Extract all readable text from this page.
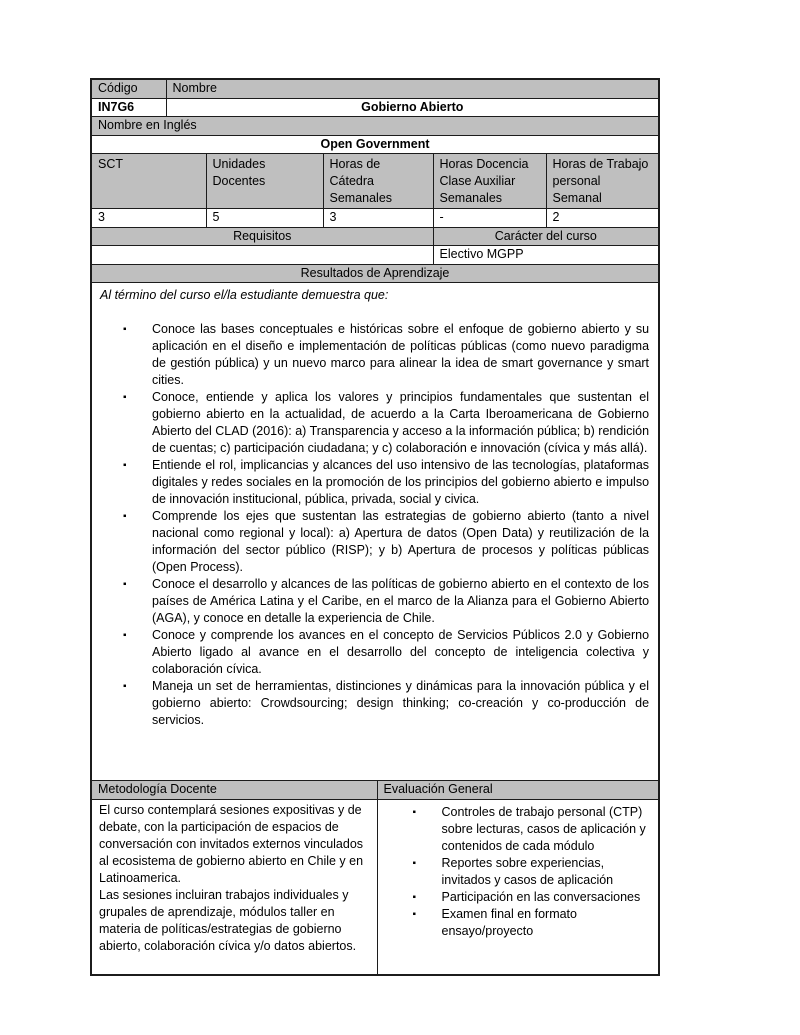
Código	Nombre					
IN7G6	Gobierno Abierto					
Nombre en Inglés						
Open Government						
SCT		Unidades Docentes	Horas de Cátedra Semanales		Horas Docencia Clase Auxiliar Semanales	Horas de Trabajo personal Semanal
3		5	3		-	2
Requisitos					Carácter del curso	
					Electivo MGPP	
Resultados de Aprendizaje						

Al término del curso el/la estudiante demuestra que:

▪ Conoce las bases conceptuales e históricas sobre el enfoque de gobierno abierto y su aplicación en el diseño e implementación de políticas públicas (como nuevo paradigma de gestión pública) y un nuevo marco para alinear la idea de smart governance y smart cities.
▪ Conoce, entiende y aplica los valores y principios fundamentales que sustentan el gobierno abierto en la actualidad, de acuerdo a la Carta Iberoamericana de Gobierno Abierto del CLAD (2016): a) Transparencia y acceso a la información pública; b) rendición de cuentas; c) participación ciudadana; y c) colaboración e innovación (cívica y más allá).
▪ Entiende el rol, implicancias y alcances del uso intensivo de las tecnologías, plataformas digitales y redes sociales en la promoción de los principios del gobierno abierto e impulso de innovación institucional, pública, privada, social y civica.
▪ Comprende los ejes que sustentan las estrategias de gobierno abierto (tanto a nivel nacional como regional y local): a) Apertura de datos (Open Data) y reutilización de la información del sector público (RISP); y b) Apertura de procesos y políticas públicas (Open Process).
▪ Conoce el desarrollo y alcances de las políticas de gobierno abierto en el contexto de los países de América Latina y el Caribe, en el marco de la Alianza para el Gobierno Abierto (AGA), y conoce en detalle la experiencia de Chile.
▪ Conoce y comprende los avances en el concepto de Servicios Públicos 2.0 y Gobierno Abierto ligado al avance en el desarrollo del concepto de inteligencia colectiva y colaboración cívica.
▪ Maneja un set de herramientas, distinciones y dinámicas para la innovación pública y el gobierno abierto: Crowdsourcing; design thinking; co-creación y co-producción de servicios.

Metodología Docente				Evaluación General		

El curso contemplará sesiones expositivas y de debate, con la participación de espacios de conversación con invitados externos vinculados al ecosistema de gobierno abierto en Chile y en Latinoamerica.

Las sesiones incluiran trabajos individuales y grupales de aprendizaje, módulos taller en materia de políticas/estrategias de gobierno abierto, colaboración cívica y/o datos abiertos.

▪ Controles de trabajo personal (CTP) sobre lecturas, casos de aplicación y contenidos de cada módulo
▪ Reportes sobre experiencias, invitados y casos de aplicación
▪ Participación en las conversaciones
▪ Examen final en formato ensayo/proyecto
